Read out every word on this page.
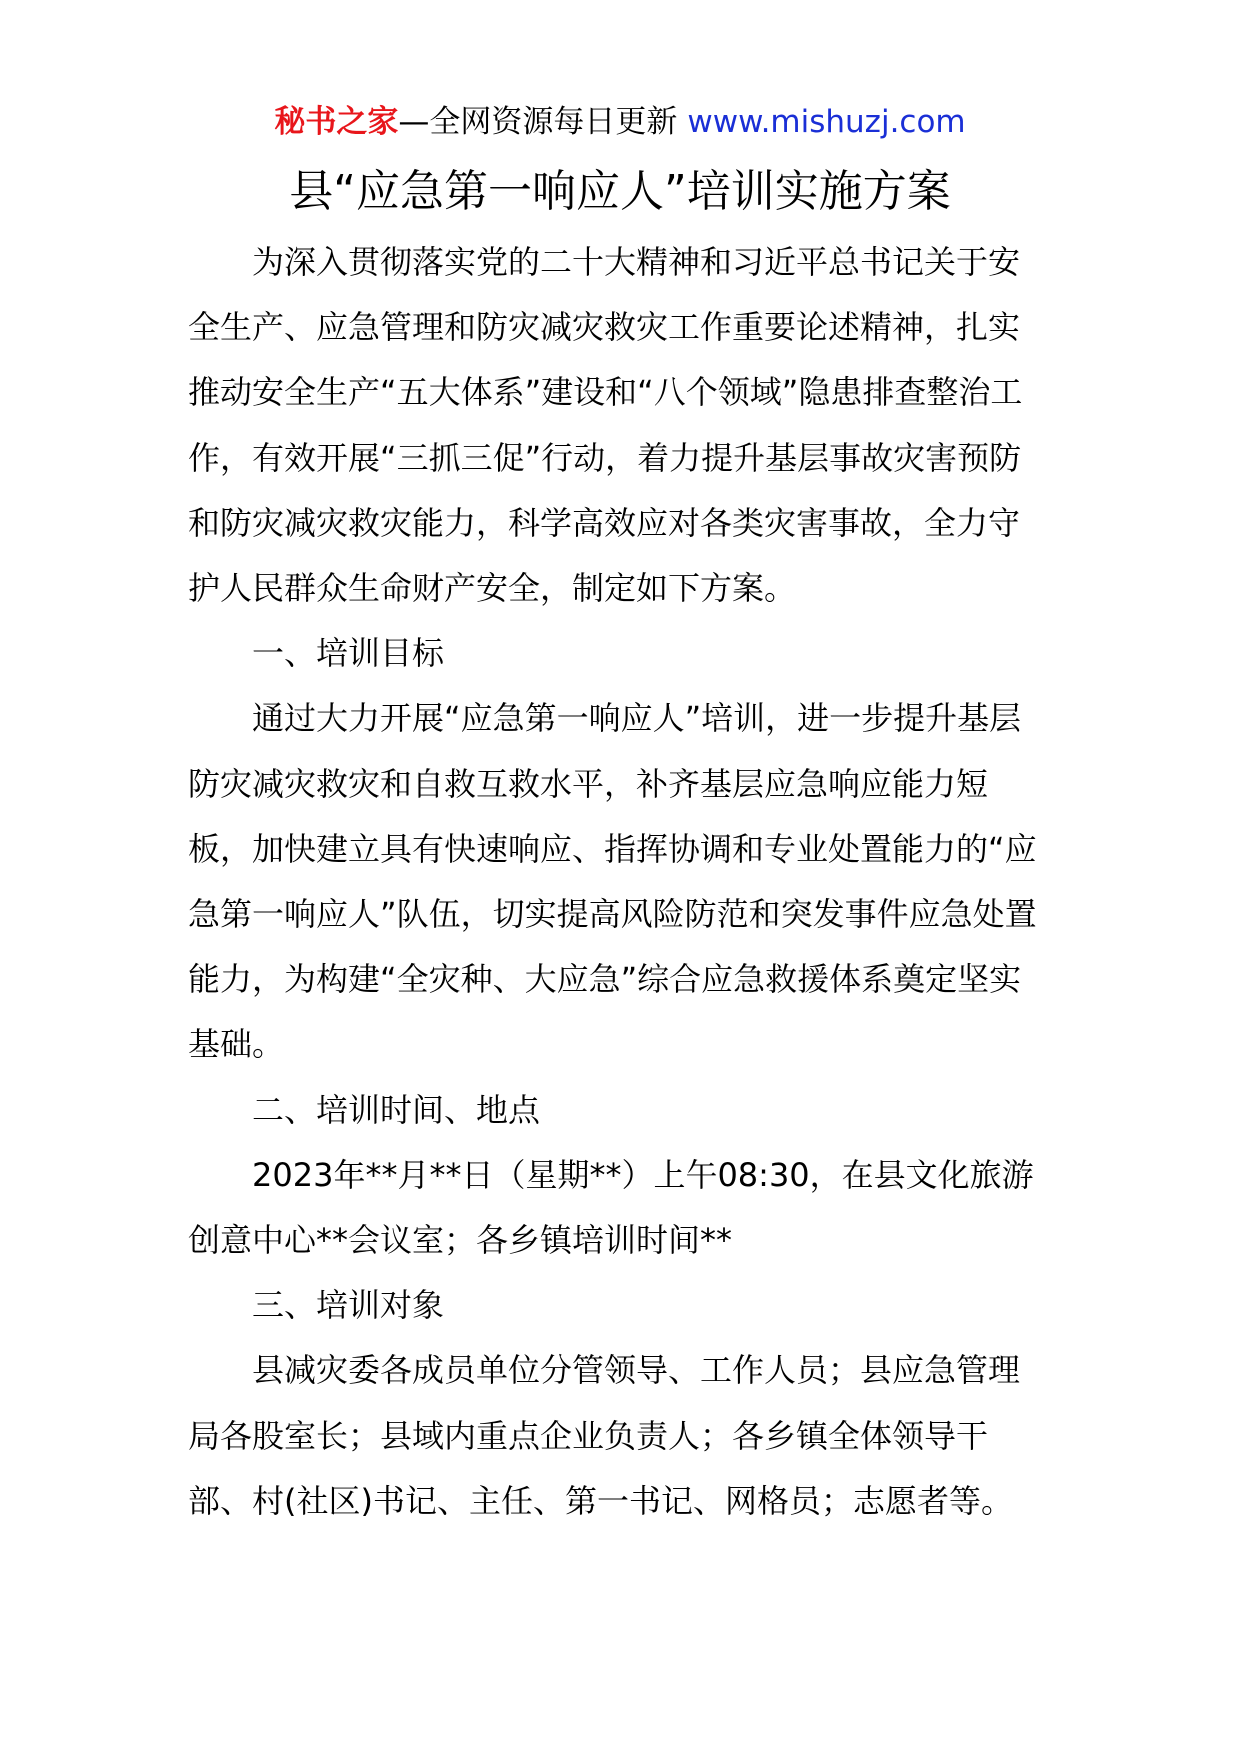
秘书之家—全网资源每日更新 www.mishuzj.com
县“应急第一响应人”培训实施方案

为深入贯彻落实党的二十大精神和习近平总书记关于安全生产、应急管理和防灾减灾救灾工作重要论述精神，扎实推动安全生产“五大体系”建设和“八个领域”隐患排查整治工作，有效开展“三抓三促”行动，着力提升基层事故灾害预防和防灾减灾救灾能力，科学高效应对各类灾害事故，全力守护人民群众生命财产安全，制定如下方案。

一、培训目标

通过大力开展“应急第一响应人”培训，进一步提升基层防灾减灾救灾和自救互救水平，补齐基层应急响应能力短板，加快建立具有快速响应、指挥协调和专业处置能力的“应急第一响应人”队伍，切实提高风险防范和突发事件应急处置能力，为构建“全灾种、大应急”综合应急救援体系奠定坚实基础。

二、培训时间、地点

2023年**月**日（星期**）上午08:30，在县文化旅游创意中心**会议室；各乡镇培训时间**

三、培训对象

县减灾委各成员单位分管领导、工作人员；县应急管理局各股室长；县域内重点企业负责人；各乡镇全体领导干部、村(社区)书记、主任、第一书记、网格员；志愿者等。
